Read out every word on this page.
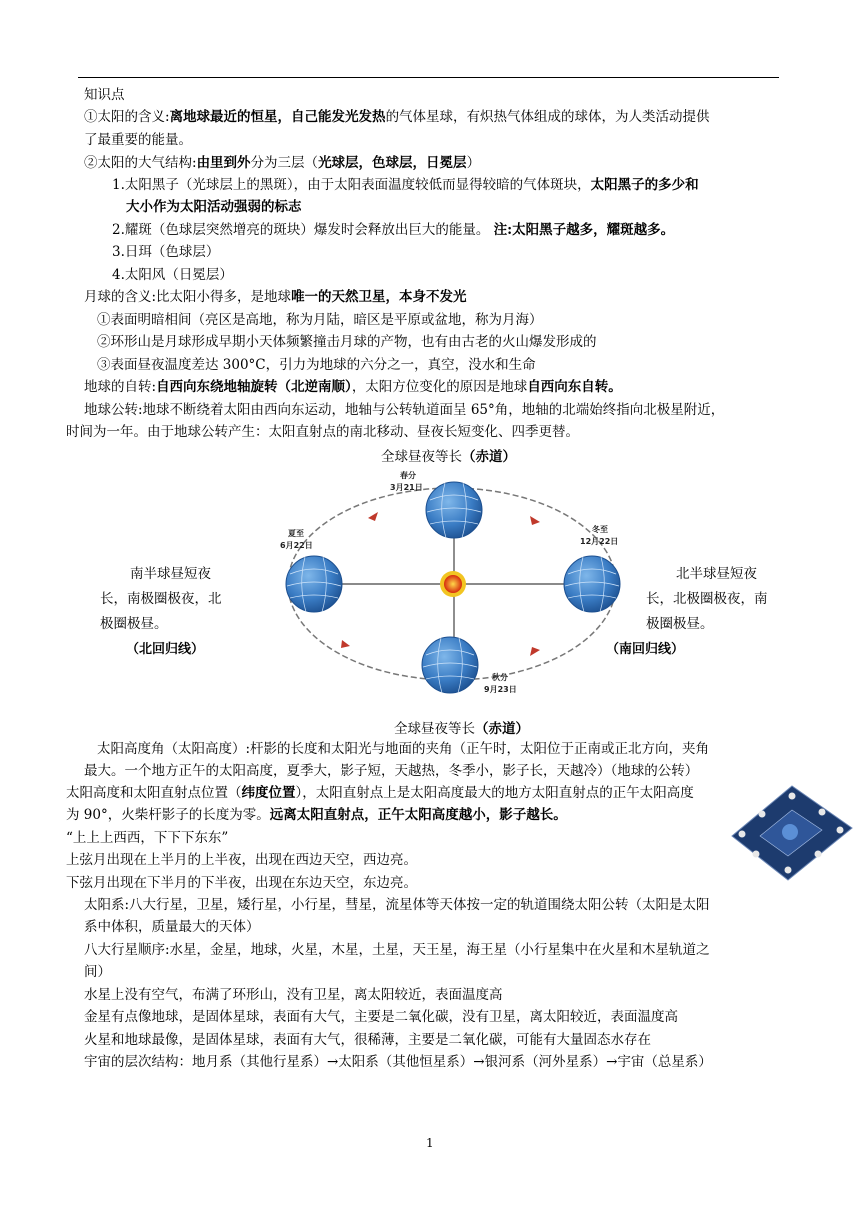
知识点
①太阳的含义:离地球最近的恒星，自己能发光发热的气体星球，有炽热气体组成的球体，为人类活动提供
了最重要的能量。
②太阳的大气结构:由里到外分为三层（光球层，色球层，日冕层）
1.太阳黑子（光球层上的黑斑），由于太阳表面温度较低而显得较暗的气体斑块，太阳黑子的多少和
大小作为太阳活动强弱的标志
2.耀斑（色球层突然增亮的斑块）爆发时会释放出巨大的能量。 注:太阳黑子越多，耀斑越多。
3.日珥（色球层）
4.太阳风（日冕层）
月球的含义:比太阳小得多，是地球唯一的天然卫星，本身不发光
①表面明暗相间（亮区是高地，称为月陆，暗区是平原或盆地，称为月海）
②环形山是月球形成早期小天体频繁撞击月球的产物，也有由古老的火山爆发形成的
③表面昼夜温度差达 300°C，引力为地球的六分之一，真空，没水和生命
地球的自转:自西向东绕地轴旋转（北逆南顺），太阳方位变化的原因是地球自西向东自转。
地球公转:地球不断绕着太阳由西向东运动，地轴与公转轨道面呈 65°角，地轴的北端始终指向北极星附近，
时间为一年。由于地球公转产生：太阳直射点的南北移动、昼夜长短变化、四季更替。
全球昼夜等长（赤道）
春分
3月21日
夏至
6月22日
冬至
12月22日
秋分
9月23日
南半球昼短夜
长，南极圈极夜，北
极圈极昼。
（北回归线）
北半球昼短夜
长，北极圈极夜，南
极圈极昼。
（南回归线）
全球昼夜等长（赤道）
太阳高度角（太阳高度）:杆影的长度和太阳光与地面的夹角（正午时，太阳位于正南或正北方向，夹角
最大。一个地方正午的太阳高度，夏季大，影子短，天越热，冬季小，影子长，天越冷）（地球的公转）
太阳高度和太阳直射点位置（纬度位置），太阳直射点上是太阳高度最大的地方太阳直射点的正午太阳高度
为 90°，火柴杆影子的长度为零。远离太阳直射点，正午太阳高度越小，影子越长。
“上上上西西，下下下东东”
上弦月出现在上半月的上半夜，出现在西边天空，西边亮。
下弦月出现在下半月的下半夜，出现在东边天空，东边亮。
太阳系:八大行星，卫星，矮行星，小行星，彗星，流星体等天体按一定的轨道围绕太阳公转（太阳是太阳
系中体积，质量最大的天体）
八大行星顺序:水星，金星，地球，火星，木星，土星，天王星，海王星（小行星集中在火星和木星轨道之
间）
水星上没有空气，布满了环形山，没有卫星，离太阳较近，表面温度高
金星有点像地球，是固体星球，表面有大气，主要是二氧化碳，没有卫星，离太阳较近，表面温度高
火星和地球最像，是固体星球，表面有大气，很稀薄，主要是二氧化碳，可能有大量固态水存在
宇宙的层次结构：地月系（其他行星系）→太阳系（其他恒星系）→银河系（河外星系）→宇宙（总星系）
1
